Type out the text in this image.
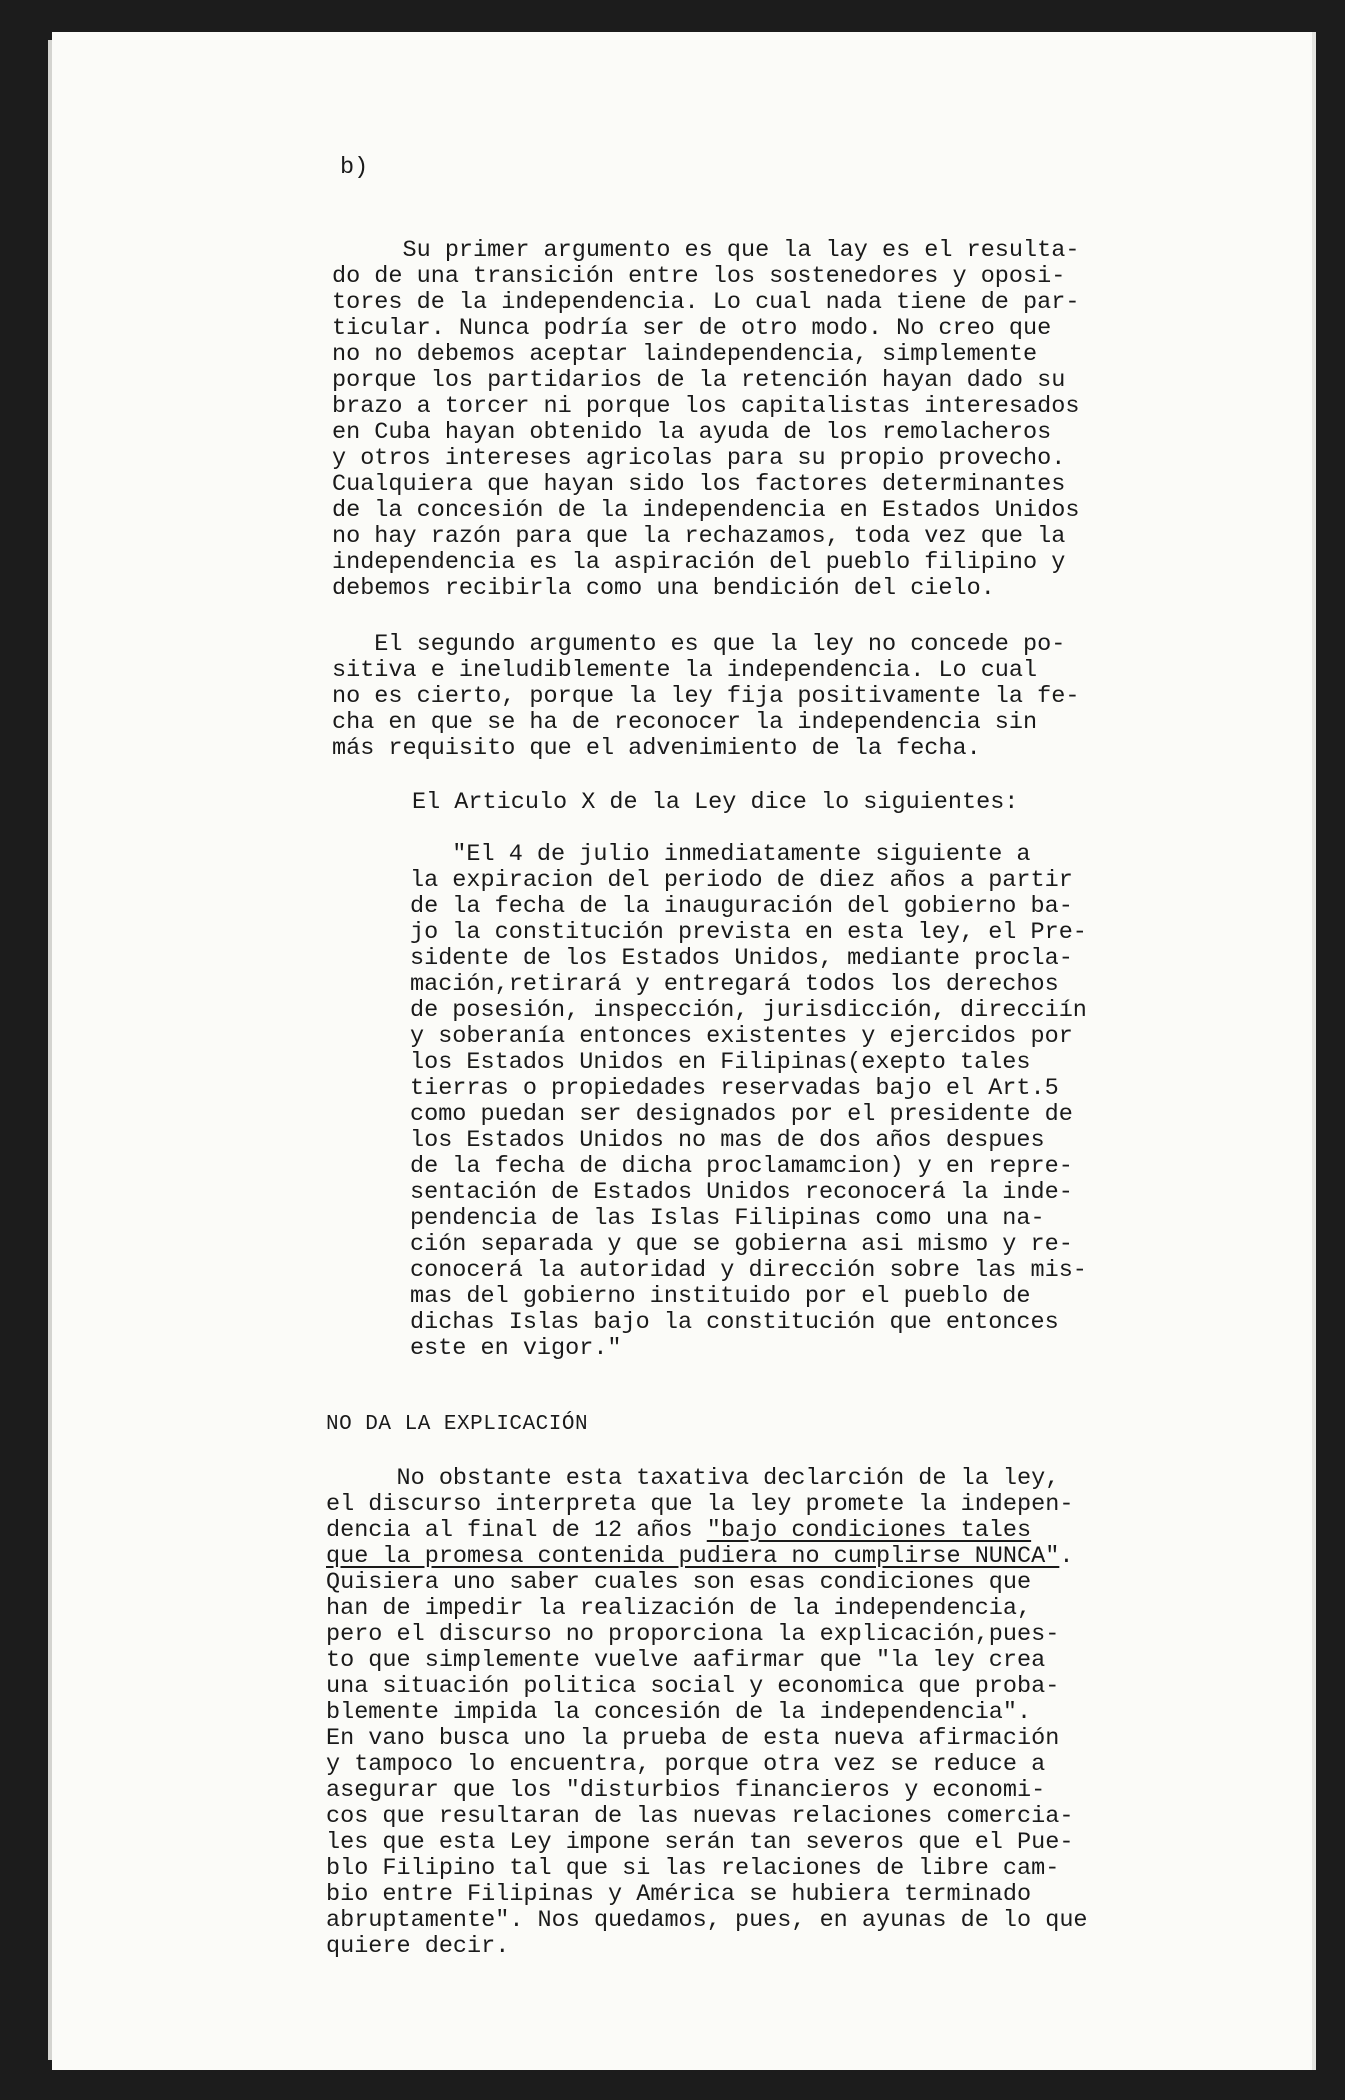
b)
Su primer argumento es que la lay es el resulta-
do de una transición entre los sostenedores y oposi-
tores de la independencia. Lo cual nada tiene de par-
ticular. Nunca podría ser de otro modo. No creo que
no no debemos aceptar laindependencia, simplemente
porque los partidarios de la retención hayan dado su
brazo a torcer ni porque los capitalistas interesados
en Cuba hayan obtenido la ayuda de los remolacheros
y otros intereses agricolas para su propio provecho.
Cualquiera que hayan sido los factores determinantes
de la concesión de la independencia en Estados Unidos
no hay razón para que la rechazamos, toda vez que la
independencia es la aspiración del pueblo filipino y
debemos recibirla como una bendición del cielo.
El segundo argumento es que la ley no concede po-
sitiva e ineludiblemente la independencia. Lo cual
no es cierto, porque la ley fija positivamente la fe-
cha en que se ha de reconocer la independencia sin
más requisito que el advenimiento de la fecha.
El Articulo X de la Ley dice lo siguientes:
"El 4 de julio inmediatamente siguiente a
la expiracion del periodo de diez años a partir
de la fecha de la inauguración del gobierno ba-
jo la constitución prevista en esta ley, el Pre-
sidente de los Estados Unidos, mediante procla-
mación,retirará y entregará todos los derechos
de posesión, inspección, jurisdicción, direcciín
y soberanía entonces existentes y ejercidos por
los Estados Unidos en Filipinas(exepto tales
tierras o propiedades reservadas bajo el Art.5
como puedan ser designados por el presidente de
los Estados Unidos no mas de dos años despues
de la fecha de dicha proclamamcion) y en repre-
sentación de Estados Unidos reconocerá la inde-
pendencia de las Islas Filipinas como una na-
ción separada y que se gobierna asi mismo y re-
conocerá la autoridad y dirección sobre las mis-
mas del gobierno instituido por el pueblo de
dichas Islas bajo la constitución que entonces
este en vigor."
NO DA LA EXPLICACIÓN
No obstante esta taxativa declarción de la ley,
el discurso interpreta que la ley promete la indepen-
dencia al final de 12 años "bajo condiciones tales
que la promesa contenida pudiera no cumplirse NUNCA".
Quisiera uno saber cuales son esas condiciones que
han de impedir la realización de la independencia,
pero el discurso no proporciona la explicación,pues-
to que simplemente vuelve aafirmar que "la ley crea
una situación politica social y economica que proba-
blemente impida la concesión de la independencia".
En vano busca uno la prueba de esta nueva afirmación
y tampoco lo encuentra, porque otra vez se reduce a
asegurar que los "disturbios financieros y economi-
cos que resultaran de las nuevas relaciones comercia-
les que esta Ley impone serán tan severos que el Pue-
blo Filipino tal que si las relaciones de libre cam-
bio entre Filipinas y América se hubiera terminado
abruptamente". Nos quedamos, pues, en ayunas de lo que
quiere decir.
